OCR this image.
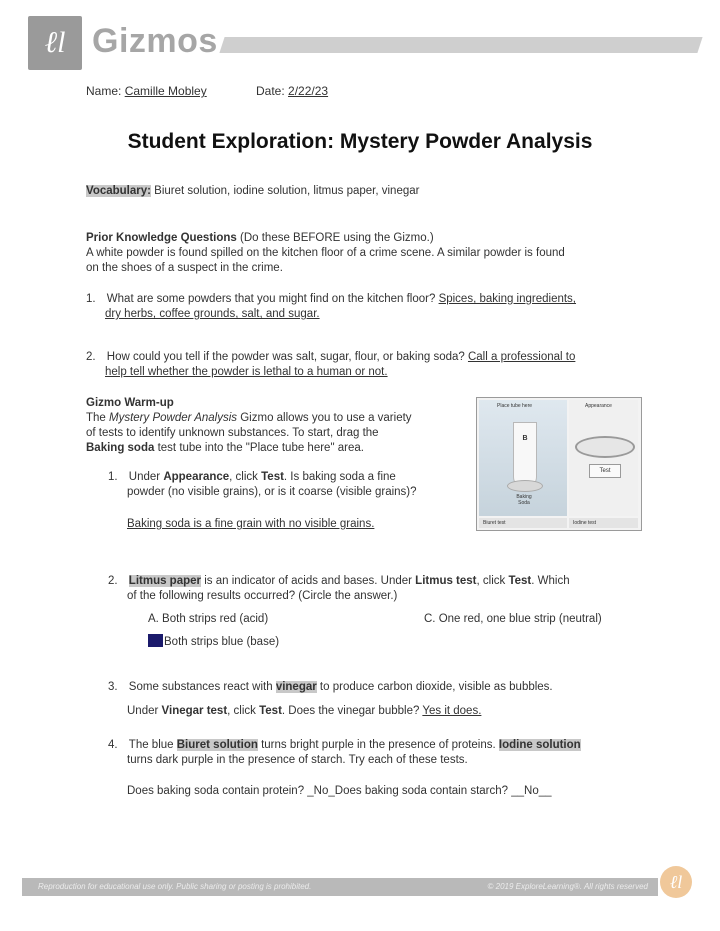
ℓl Gizmos
Name: Camille Mobley	Date: 2/22/23
Student Exploration: Mystery Powder Analysis
Vocabulary: Biuret solution, iodine solution, litmus paper, vinegar
Prior Knowledge Questions (Do these BEFORE using the Gizmo.)
A white powder is found spilled on the kitchen floor of a crime scene. A similar powder is found
on the shoes of a suspect in the crime.
1. What are some powders that you might find on the kitchen floor? Spices, baking ingredients,
dry herbs, coffee grounds, salt, and sugar.
2. How could you tell if the powder was salt, sugar, flour, or baking soda? Call a professional to
help tell whether the powder is lethal to a human or not.
Gizmo Warm-up
The Mystery Powder Analysis Gizmo allows you to use a variety
of tests to identify unknown substances. To start, drag the
Baking soda test tube into the "Place tube here" area.
Place tube here
B
Baking Soda
Appearance
Test
Biuret test	Iodine test
1. Under Appearance, click Test. Is baking soda a fine
powder (no visible grains), or is it coarse (visible grains)?
Baking soda is a fine grain with no visible grains.
2. Litmus paper is an indicator of acids and bases. Under Litmus test, click Test. Which
of the following results occurred? (Circle the answer.)
A. Both strips red (acid)	C. One red, one blue strip (neutral)
Both strips blue (base)
3. Some substances react with vinegar to produce carbon dioxide, visible as bubbles.
Under Vinegar test, click Test. Does the vinegar bubble? Yes it does.
4. The blue Biuret solution turns bright purple in the presence of proteins. Iodine solution
turns dark purple in the presence of starch. Try each of these tests.
Does baking soda contain protein? _No_Does baking soda contain starch? __No__
Reproduction for educational use only. Public sharing or posting is prohibited.	© 2019 ExploreLearning®. All rights reserved	ℓl
